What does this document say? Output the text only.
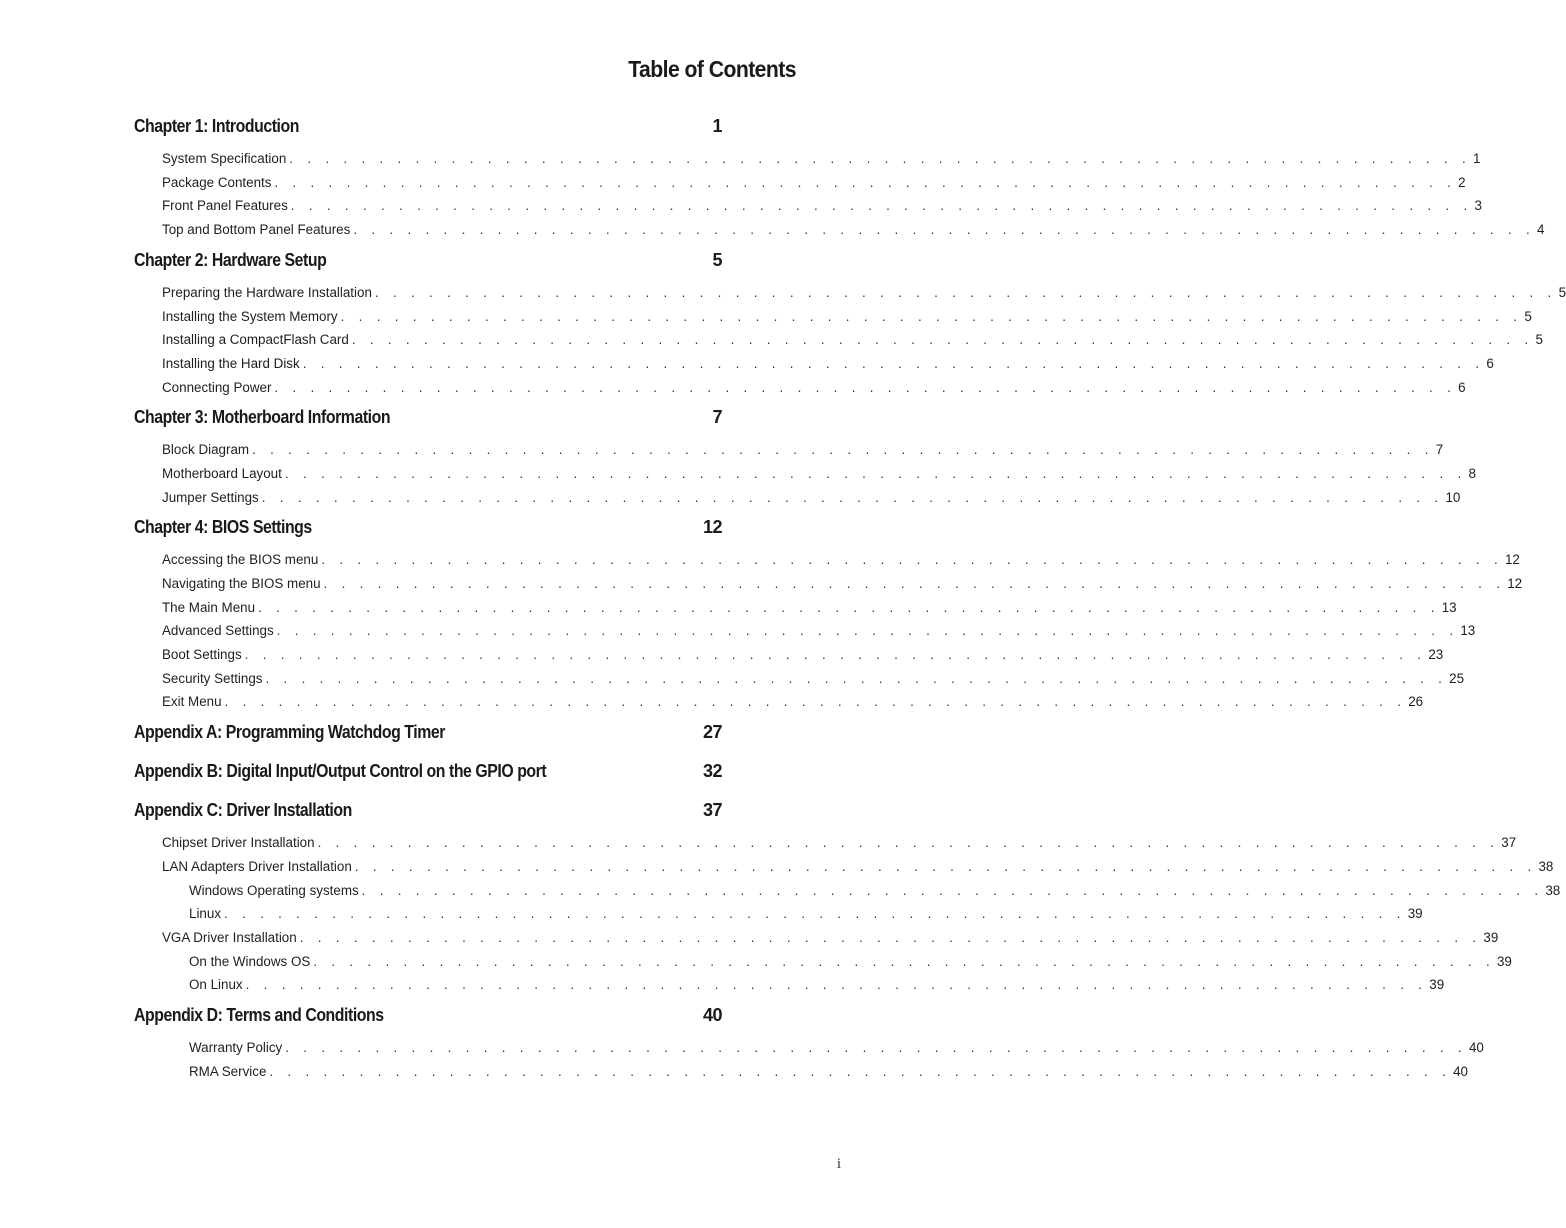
Table of Contents
Chapter 1: Introduction	1
System Specification . . . . . . . . . . . . . . . . . . . . . . . . . . . . . . . . . . . . . . . . . . . . . . . . . . . . . . . . . . . . . . . . . . 1
Package Contents . . . . . . . . . . . . . . . . . . . . . . . . . . . . . . . . . . . . . . . . . . . . . . . . . . . . . . . . . . . . . . . . . . 2
Front Panel Features . . . . . . . . . . . . . . . . . . . . . . . . . . . . . . . . . . . . . . . . . . . . . . . . . . . . . . . . . . . . . . . . . . 3
Top and Bottom Panel Features . . . . . . . . . . . . . . . . . . . . . . . . . . . . . . . . . . . . . . . . . . . . . . . . . . . . . . . . . . . . . . . . . . 4
Chapter 2: Hardware Setup	5
Preparing the Hardware Installation . . . . . . . . . . . . . . . . . . . . . . . . . . . . . . . . . . . . . . . . . . . . . . . . . . . . . . . . . . . . . . . . . . 5
Installing the System Memory . . . . . . . . . . . . . . . . . . . . . . . . . . . . . . . . . . . . . . . . . . . . . . . . . . . . . . . . . . . . . . . . . . 5
Installing a CompactFlash Card . . . . . . . . . . . . . . . . . . . . . . . . . . . . . . . . . . . . . . . . . . . . . . . . . . . . . . . . . . . . . . . . . . 5
Installing the Hard Disk . . . . . . . . . . . . . . . . . . . . . . . . . . . . . . . . . . . . . . . . . . . . . . . . . . . . . . . . . . . . . . . . . . 6
Connecting Power . . . . . . . . . . . . . . . . . . . . . . . . . . . . . . . . . . . . . . . . . . . . . . . . . . . . . . . . . . . . . . . . . . 6
Chapter 3: Motherboard Information	7
Block Diagram . . . . . . . . . . . . . . . . . . . . . . . . . . . . . . . . . . . . . . . . . . . . . . . . . . . . . . . . . . . . . . . . . . 7
Motherboard Layout . . . . . . . . . . . . . . . . . . . . . . . . . . . . . . . . . . . . . . . . . . . . . . . . . . . . . . . . . . . . . . . . . . 8
Jumper Settings . . . . . . . . . . . . . . . . . . . . . . . . . . . . . . . . . . . . . . . . . . . . . . . . . . . . . . . . . . . . . . . . . . 10
Chapter 4: BIOS Settings	12
Accessing the BIOS menu . . . . . . . . . . . . . . . . . . . . . . . . . . . . . . . . . . . . . . . . . . . . . . . . . . . . . . . . . . . . . . . . . . 12
Navigating the BIOS menu . . . . . . . . . . . . . . . . . . . . . . . . . . . . . . . . . . . . . . . . . . . . . . . . . . . . . . . . . . . . . . . . . . 12
The Main Menu . . . . . . . . . . . . . . . . . . . . . . . . . . . . . . . . . . . . . . . . . . . . . . . . . . . . . . . . . . . . . . . . . . 13
Advanced Settings . . . . . . . . . . . . . . . . . . . . . . . . . . . . . . . . . . . . . . . . . . . . . . . . . . . . . . . . . . . . . . . . . . 13
Boot Settings . . . . . . . . . . . . . . . . . . . . . . . . . . . . . . . . . . . . . . . . . . . . . . . . . . . . . . . . . . . . . . . . . . 23
Security Settings . . . . . . . . . . . . . . . . . . . . . . . . . . . . . . . . . . . . . . . . . . . . . . . . . . . . . . . . . . . . . . . . . . 25
Exit Menu . . . . . . . . . . . . . . . . . . . . . . . . . . . . . . . . . . . . . . . . . . . . . . . . . . . . . . . . . . . . . . . . . . 26
Appendix A: Programming Watchdog Timer	27
Appendix B: Digital Input/Output Control on the GPIO port	32
Appendix C: Driver Installation	37
Chipset Driver Installation . . . . . . . . . . . . . . . . . . . . . . . . . . . . . . . . . . . . . . . . . . . . . . . . . . . . . . . . . . . . . . . . . . 37
LAN Adapters Driver Installation . . . . . . . . . . . . . . . . . . . . . . . . . . . . . . . . . . . . . . . . . . . . . . . . . . . . . . . . . . . . . . . . . . 38
Windows Operating systems . . . . . . . . . . . . . . . . . . . . . . . . . . . . . . . . . . . . . . . . . . . . . . . . . . . . . . . . . . . . . . . . . . 38
Linux . . . . . . . . . . . . . . . . . . . . . . . . . . . . . . . . . . . . . . . . . . . . . . . . . . . . . . . . . . . . . . . . . . 39
VGA Driver Installation . . . . . . . . . . . . . . . . . . . . . . . . . . . . . . . . . . . . . . . . . . . . . . . . . . . . . . . . . . . . . . . . . . 39
On the Windows OS . . . . . . . . . . . . . . . . . . . . . . . . . . . . . . . . . . . . . . . . . . . . . . . . . . . . . . . . . . . . . . . . . . 39
On Linux . . . . . . . . . . . . . . . . . . . . . . . . . . . . . . . . . . . . . . . . . . . . . . . . . . . . . . . . . . . . . . . . . . 39
Appendix D: Terms and Conditions	40
Warranty Policy . . . . . . . . . . . . . . . . . . . . . . . . . . . . . . . . . . . . . . . . . . . . . . . . . . . . . . . . . . . . . . . . . . 40
RMA Service . . . . . . . . . . . . . . . . . . . . . . . . . . . . . . . . . . . . . . . . . . . . . . . . . . . . . . . . . . . . . . . . . . 40
i
